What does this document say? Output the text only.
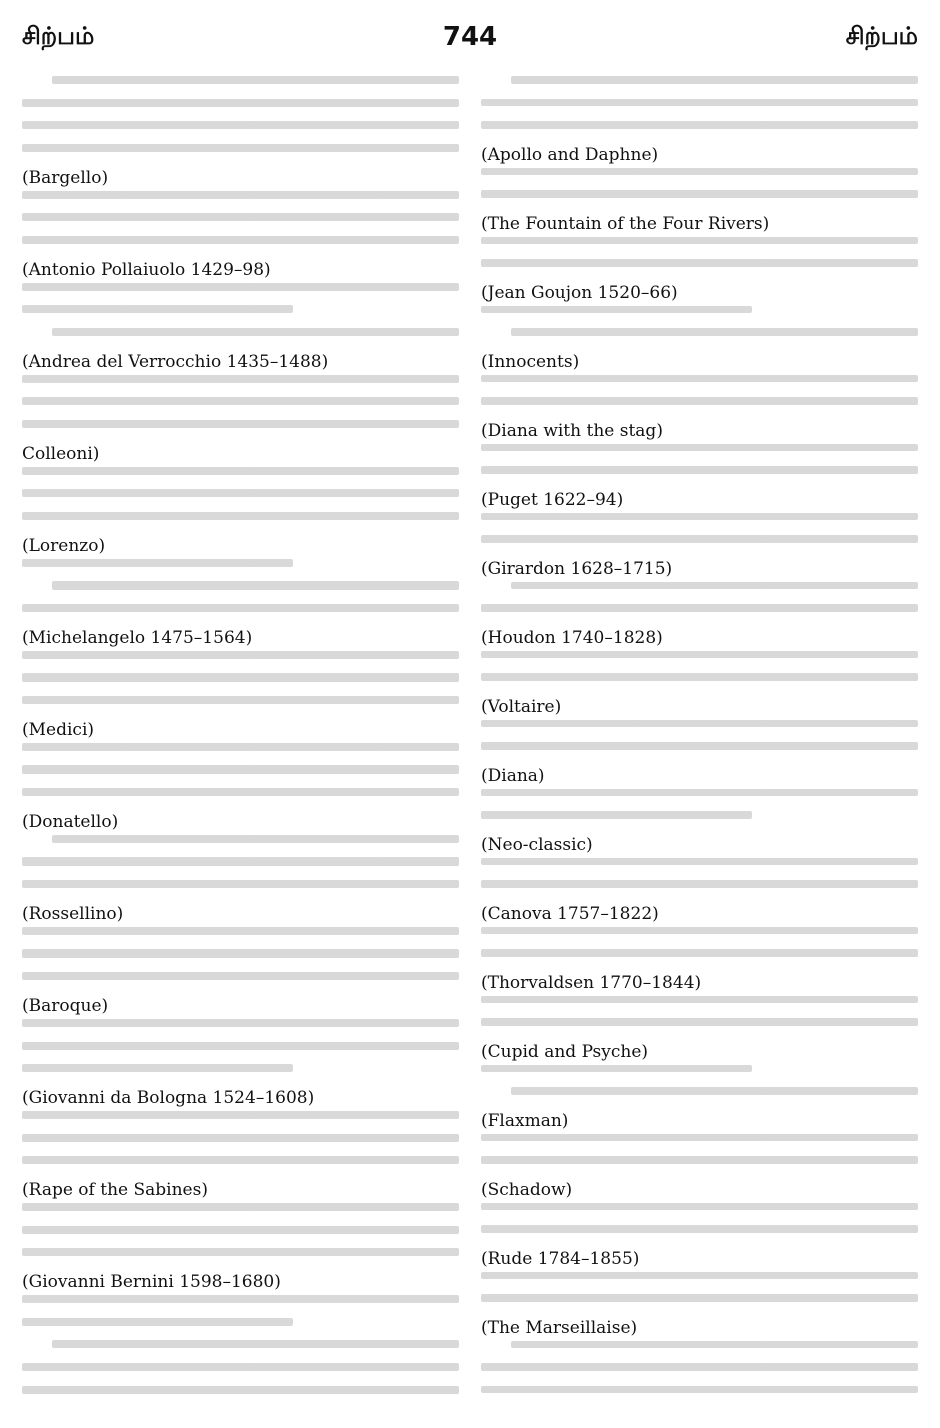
சிற்பம்	744	சிற்பம்
(Bargello)
(Antonio Pollaiuolo 1429–98)
(Andrea del Verrocchio 1435–1488)
Colleoni)
(Lorenzo)
(Michelangelo 1475–1564)
(Medici)
(Donatello)
(Rossellino)
(Baroque)
(Giovanni da Bologna 1524–1608)
(Rape of the Sabines)
(Giovanni Bernini 1598–1680)
(Apollo and Daphne)
(The Fountain of the Four Rivers)
(Jean Goujon 1520–66)
(Innocents)
(Diana with the stag)
(Puget 1622–94)
(Girardon 1628–1715)
(Houdon 1740–1828)
(Voltaire)
(Diana)
(Neo-classic)
(Canova 1757–1822)
(Thorvaldsen 1770–1844)
(Cupid and Psyche)
(Flaxman)
(Schadow)
(Rude 1784–1855)
(The Marseillaise)
